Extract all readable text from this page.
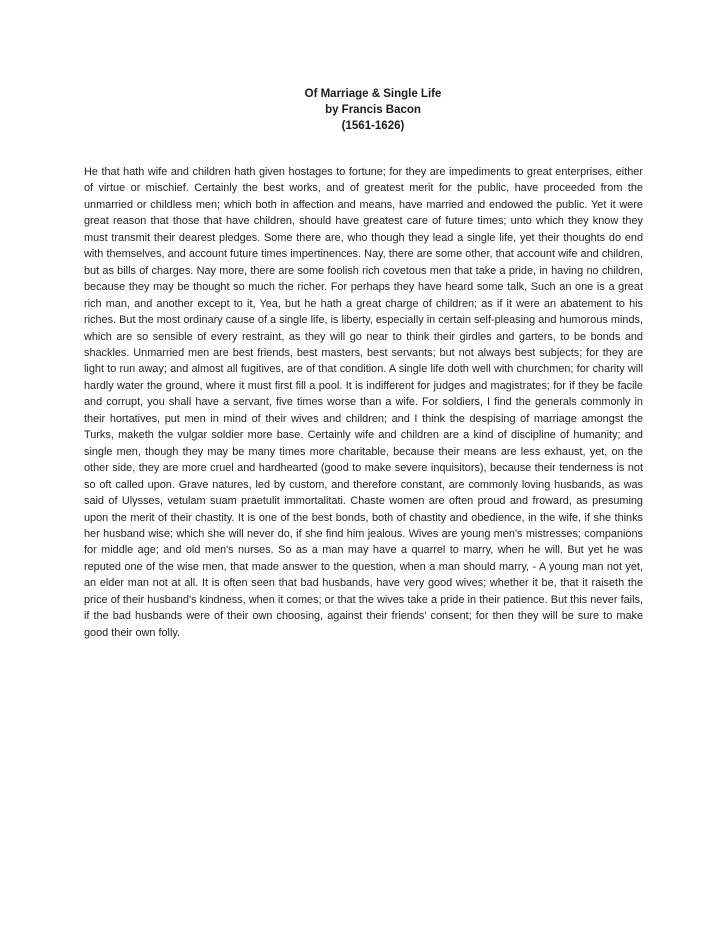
Of Marriage & Single Life
by Francis Bacon
(1561-1626)

He that hath wife and children hath given hostages to fortune; for they are impediments to great enterprises, either of virtue or mischief. Certainly the best works, and of greatest merit for the public, have proceeded from the unmarried or childless men; which both in affection and means, have married and endowed the public. Yet it were great reason that those that have children, should have greatest care of future times; unto which they know they must transmit their dearest pledges. Some there are, who though they lead a single life, yet their thoughts do end with themselves, and account future times impertinences. Nay, there are some other, that account wife and children, but as bills of charges. Nay more, there are some foolish rich covetous men that take a pride, in having no children, because they may be thought so much the richer. For perhaps they have heard some talk, Such an one is a great rich man, and another except to it, Yea, but he hath a great charge of children; as if it were an abatement to his riches. But the most ordinary cause of a single life, is liberty, especially in certain self-pleasing and humorous minds, which are so sensible of every restraint, as they will go near to think their girdles and garters, to be bonds and shackles. Unmarried men are best friends, best masters, best servants; but not always best subjects; for they are light to run away; and almost all fugitives, are of that condition. A single life doth well with churchmen; for charity will hardly water the ground, where it must first fill a pool. It is indifferent for judges and magistrates; for if they be facile and corrupt, you shall have a servant, five times worse than a wife. For soldiers, I find the generals commonly in their hortatives, put men in mind of their wives and children; and I think the despising of marriage amongst the Turks, maketh the vulgar soldier more base. Certainly wife and children are a kind of discipline of humanity; and single men, though they may be many times more charitable, because their means are less exhaust, yet, on the other side, they are more cruel and hardhearted (good to make severe inquisitors), because their tenderness is not so oft called upon. Grave natures, led by custom, and therefore constant, are commonly loving husbands, as was said of Ulysses, vetulam suam praetulit immortalitati. Chaste women are often proud and froward, as presuming upon the merit of their chastity. It is one of the best bonds, both of chastity and obedience, in the wife, if she thinks her husband wise; which she will never do, if she find him jealous. Wives are young men's mistresses; companions for middle age; and old men's nurses. So as a man may have a quarrel to marry, when he will. But yet he was reputed one of the wise men, that made answer to the question, when a man should marry, - A young man not yet, an elder man not at all. It is often seen that bad husbands, have very good wives; whether it be, that it raiseth the price of their husband's kindness, when it comes; or that the wives take a pride in their patience. But this never fails, if the bad husbands were of their own choosing, against their friends' consent; for then they will be sure to make good their own folly.
